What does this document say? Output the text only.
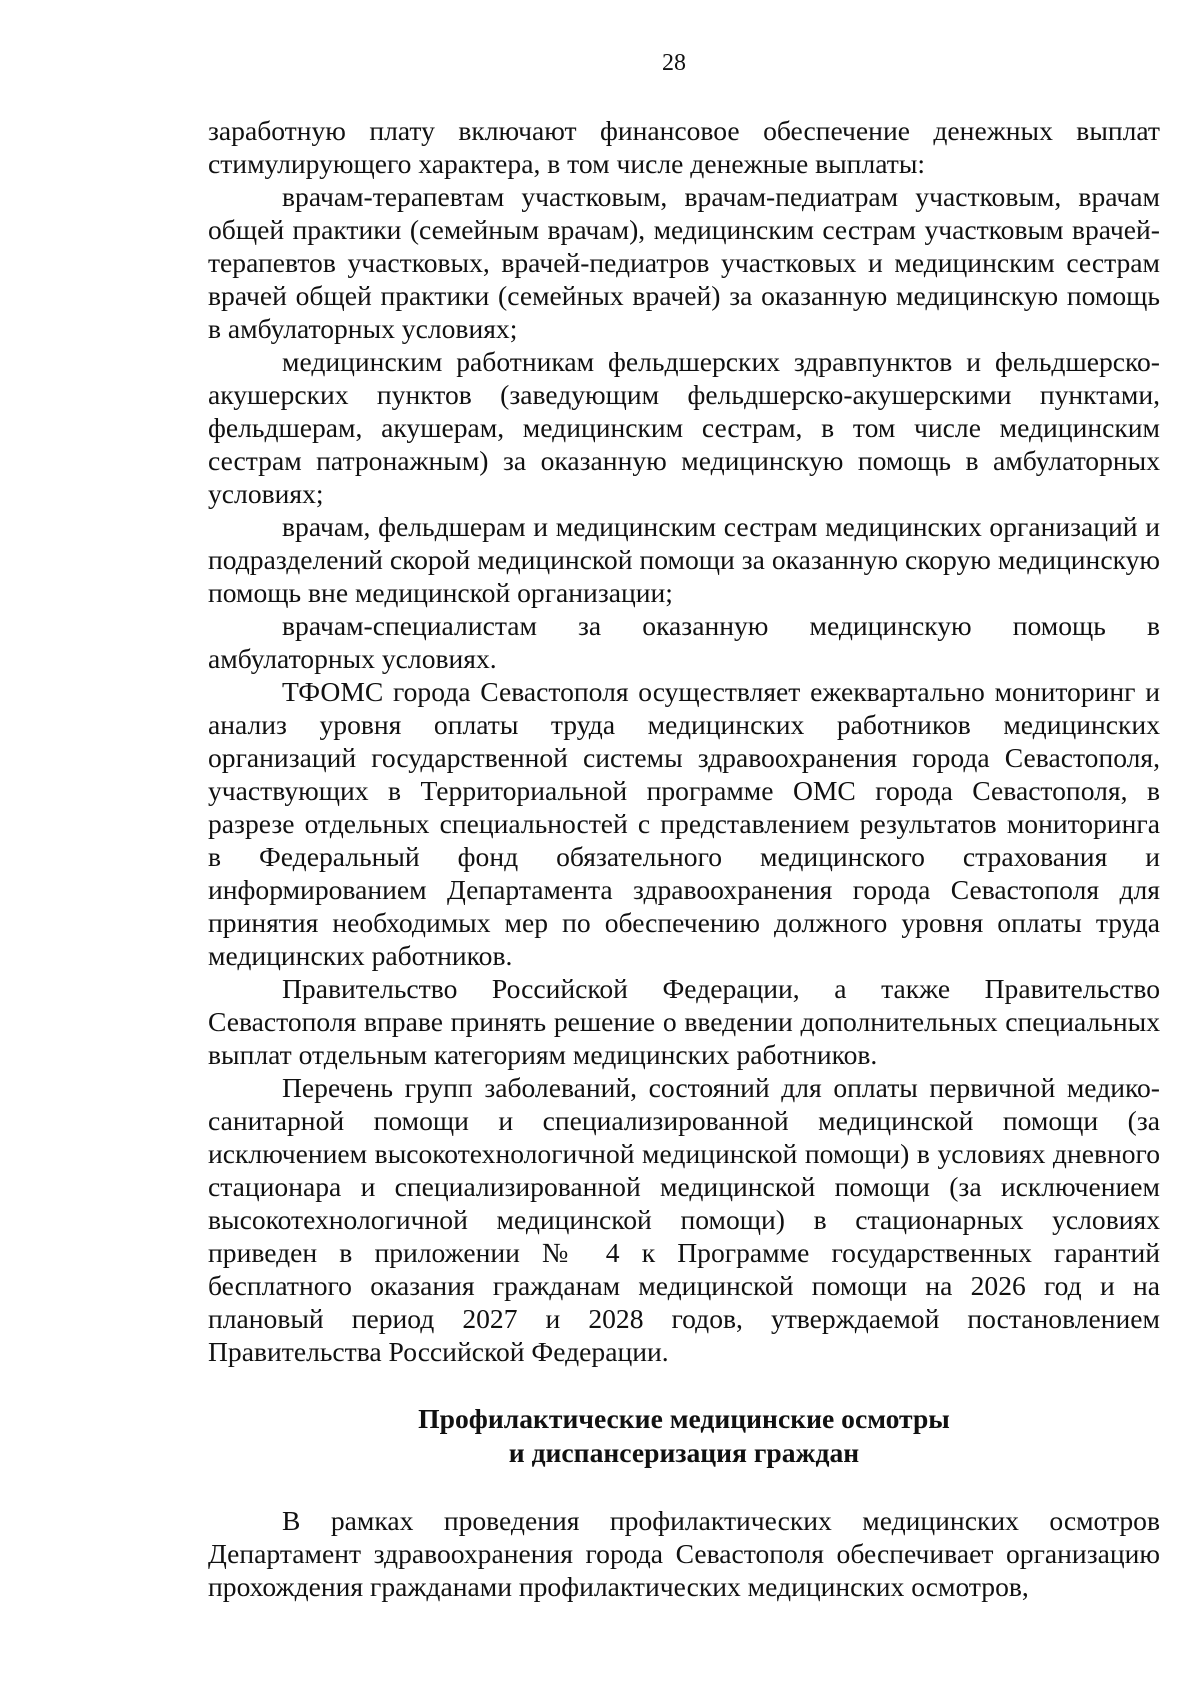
28

заработную плату включают финансовое обеспечение денежных выплат стимулирующего характера, в том числе денежные выплаты:

врачам-терапевтам участковым, врачам-педиатрам участковым, врачам общей практики (семейным врачам), медицинским сестрам участковым врачей-терапевтов участковых, врачей-педиатров участковых и медицинским сестрам врачей общей практики (семейных врачей) за оказанную медицинскую помощь в амбулаторных условиях;

медицинским работникам фельдшерских здравпунктов и фельдшерско-акушерских пунктов (заведующим фельдшерско-акушерскими пунктами, фельдшерам, акушерам, медицинским сестрам, в том числе медицинским сестрам патронажным) за оказанную медицинскую помощь в амбулаторных условиях;

врачам, фельдшерам и медицинским сестрам медицинских организаций и подразделений скорой медицинской помощи за оказанную скорую медицинскую помощь вне медицинской организации;

врачам-специалистам за оказанную медицинскую помощь в амбулаторных условиях.

ТФОМС города Севастополя осуществляет ежеквартально мониторинг и анализ уровня оплаты труда медицинских работников медицинских организаций государственной системы здравоохранения города Севастополя, участвующих в Территориальной программе ОМС города Севастополя, в разрезе отдельных специальностей с представлением результатов мониторинга в Федеральный фонд обязательного медицинского страхования и информированием Департамента здравоохранения города Севастополя для принятия необходимых мер по обеспечению должного уровня оплаты труда медицинских работников.

Правительство Российской Федерации, а также Правительство Севастополя вправе принять решение о введении дополнительных специальных выплат отдельным категориям медицинских работников.

Перечень групп заболеваний, состояний для оплаты первичной медико-санитарной помощи и специализированной медицинской помощи (за исключением высокотехнологичной медицинской помощи) в условиях дневного стационара и специализированной медицинской помощи (за исключением высокотехнологичной медицинской помощи) в стационарных условиях приведен в приложении № 4 к Программе государственных гарантий бесплатного оказания гражданам медицинской помощи на 2026 год и на плановый период 2027 и 2028 годов, утверждаемой постановлением Правительства Российской Федерации.

Профилактические медицинские осмотры

и диспансеризация граждан

В рамках проведения профилактических медицинских осмотров Департамент здравоохранения города Севастополя обеспечивает организацию прохождения гражданами профилактических медицинских осмотров,
